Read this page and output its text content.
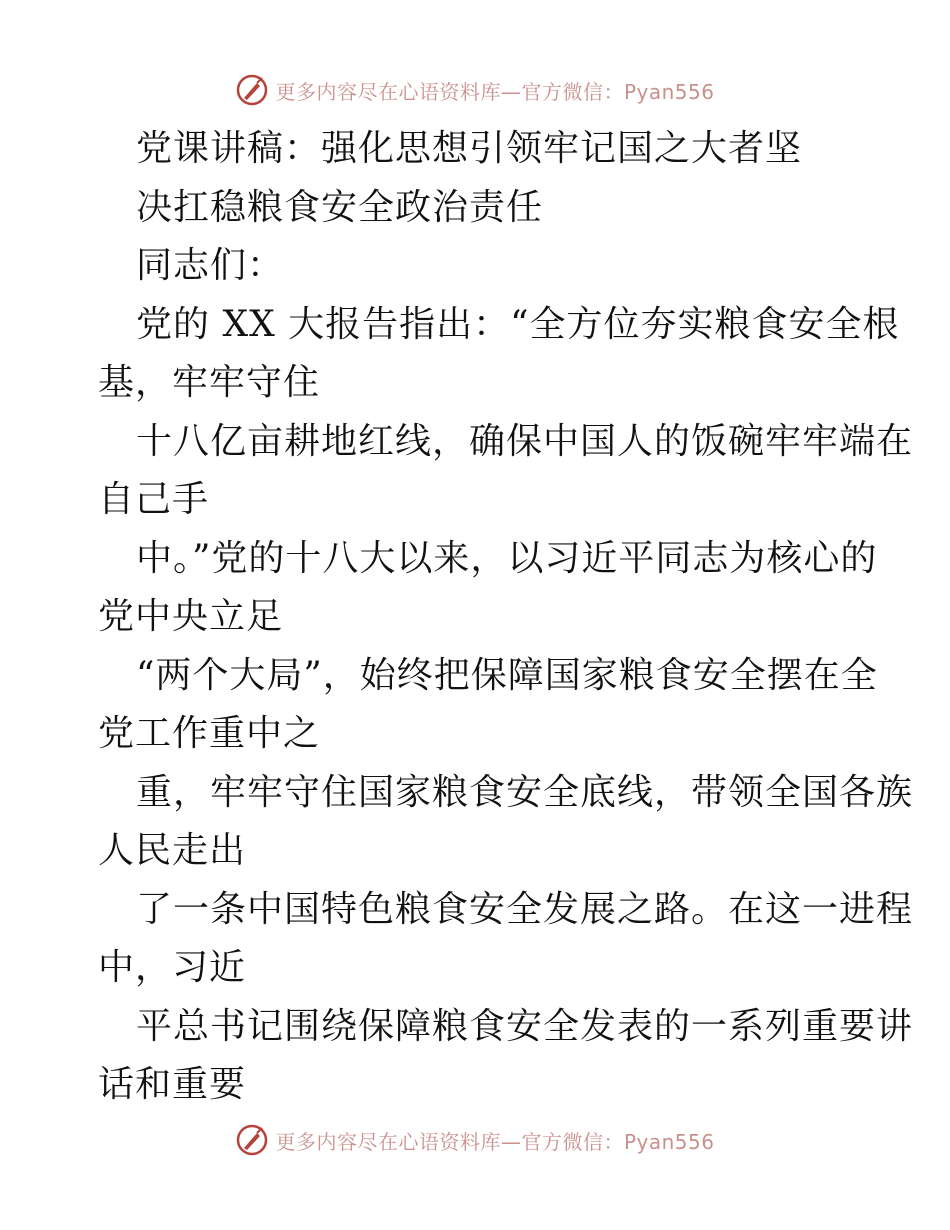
更多内容尽在心语资料库—官方微信：Pyan556
党课讲稿：强化思想引领牢记国之大者坚
决扛稳粮食安全政治责任
同志们：
党的 XX 大报告指出：“全方位夯实粮食安全根
基，牢牢守住
十八亿亩耕地红线，确保中国人的饭碗牢牢端在
自己手
中。”党的十八大以来，以习近平同志为核心的
党中央立足
“两个大局”，始终把保障国家粮食安全摆在全
党工作重中之
重，牢牢守住国家粮食安全底线，带领全国各族
人民走出
了一条中国特色粮食安全发展之路。在这一进程
中，习近
平总书记围绕保障粮食安全发表的一系列重要讲
话和重要
更多内容尽在心语资料库—官方微信：Pyan556
